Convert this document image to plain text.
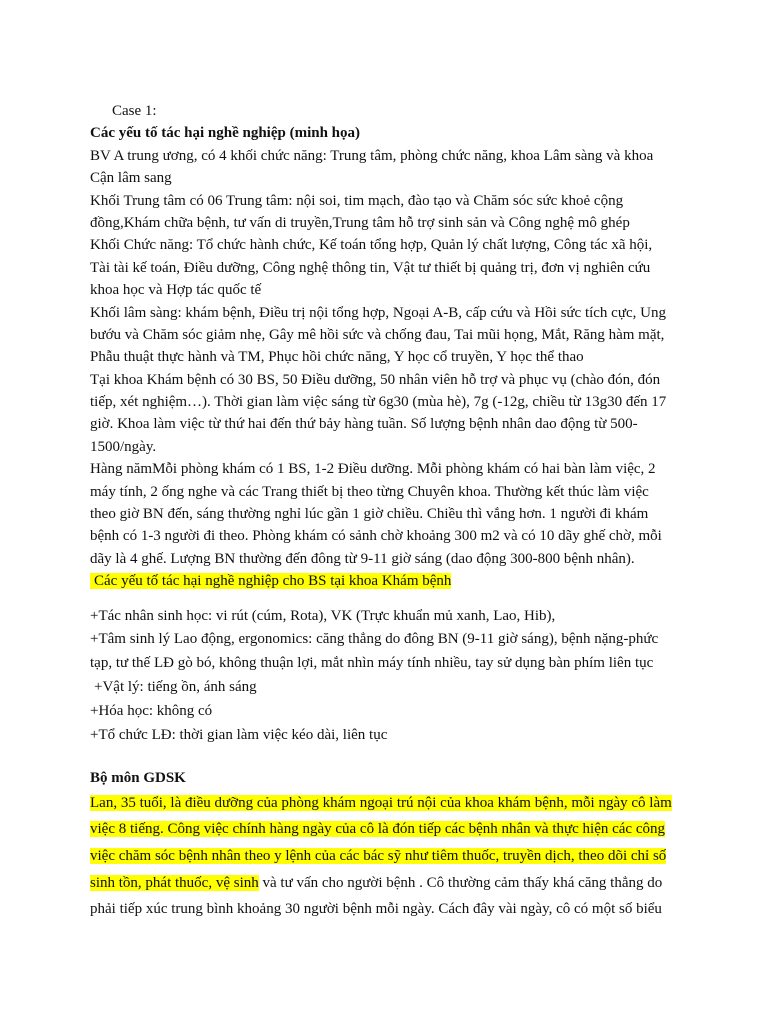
Case 1:
Các yếu tố tác hại nghề nghiệp (minh họa)
BV A trung ương, có 4 khối chức năng: Trung tâm, phòng chức năng, khoa Lâm sàng và khoa
Cận lâm sang
Khối Trung tâm có 06 Trung tâm: nội soi, tim mạch, đào tạo và Chăm sóc sức khoẻ cộng
đồng,Khám chữa bệnh, tư vấn di truyền,Trung tâm hỗ trợ sinh sản và Công nghệ mô ghép
Khối Chức năng: Tổ chức hành chức, Kế toán tổng hợp, Quản lý chất lượng, Công tác xã hội,
Tài tài kế toán, Điều dưỡng, Công nghệ thông tin, Vật tư thiết bị quảng trị, đơn vị nghiên cứu
khoa học và Hợp tác quốc tế
Khối lâm sàng: khám bệnh, Điều trị nội tổng hợp, Ngoại A-B, cấp cứu và Hồi sức tích cực, Ung
bướu và Chăm sóc giảm nhẹ, Gây mê hồi sức và chống đau, Tai mũi họng, Mắt, Răng hàm mặt,
Phẫu thuật thực hành và TM, Phục hồi chức năng, Y học cổ truyền, Y học thể thao
Tại khoa Khám bệnh có 30 BS, 50 Điều dưỡng, 50 nhân viên hỗ trợ và phục vụ (chào đón, đón
tiếp, xét nghiệm…). Thời gian làm việc sáng từ 6g30 (mùa hè), 7g (-12g, chiều từ 13g30 đến 17
giờ. Khoa làm việc từ thứ hai đến thứ bảy hàng tuần. Số lượng bệnh nhân dao động từ 500-
1500/ngày.
Hàng nămMỗi phòng khám có 1 BS, 1-2 Điều dưỡng. Mỗi phòng khám có hai bàn làm việc, 2
máy tính, 2 ống nghe và các Trang thiết bị theo từng Chuyên khoa. Thường kết thúc làm việc
theo giờ BN đến, sáng thường nghỉ lúc gần 1 giờ chiều. Chiều thì vắng hơn. 1 người đi khám
bệnh có 1-3 người đi theo. Phòng khám có sảnh chờ khoảng 300 m2 và có 10 dãy ghế chờ, mỗi
dãy là 4 ghế. Lượng BN thường đến đông từ 9-11 giờ sáng (dao động 300-800 bệnh nhân).
Các yếu tố tác hại nghề nghiệp cho BS tại khoa Khám bệnh
+Tác nhân sinh học: vi rút (cúm, Rota), VK (Trực khuẩn mủ xanh, Lao, Hib),
+Tâm sinh lý Lao động, ergonomics: căng thẳng do đông BN (9-11 giờ sáng), bệnh nặng-phức
tạp, tư thế LĐ gò bó, không thuận lợi, mắt nhìn máy tính nhiều, tay sử dụng bàn phím liên tục
+Vật lý: tiếng ồn, ánh sáng
+Hóa học: không có
+Tổ chức LĐ: thời gian làm việc kéo dài, liên tục
Bộ môn GDSK
Lan, 35 tuổi, là điều dưỡng của phòng khám ngoại trú nội của khoa khám bệnh, mỗi ngày cô làm
việc 8 tiếng. Công việc chính hàng ngày của cô là đón tiếp các bệnh nhân và thực hiện các công
việc chăm sóc bệnh nhân theo y lệnh của các bác sỹ như tiêm thuốc, truyền dịch, theo dõi chỉ số
sinh tồn, phát thuốc, vệ sinh và tư vấn cho người bệnh . Cô thường cảm thấy khá căng thẳng do
phải tiếp xúc trung bình khoảng 30 người bệnh mỗi ngày. Cách đây vài ngày, cô có một số biểu
